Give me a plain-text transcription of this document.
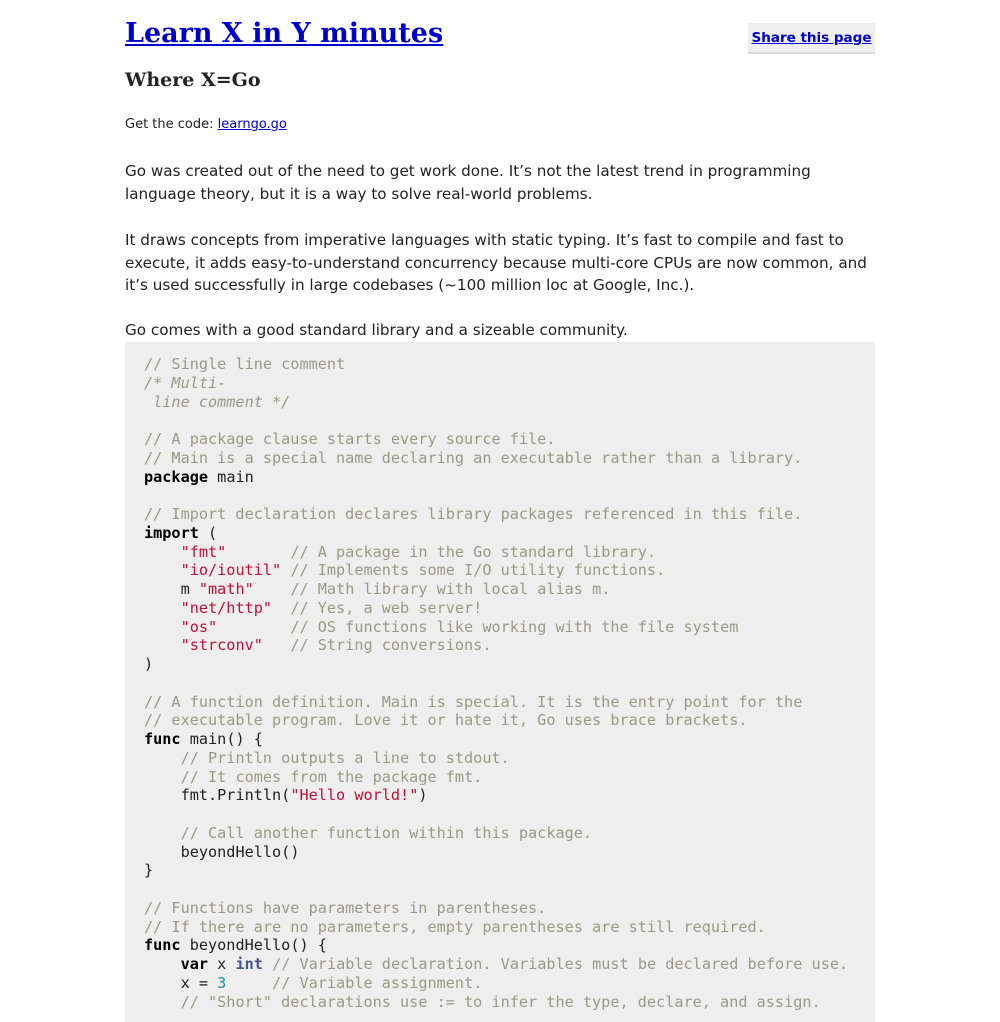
Learn X in Y minutes	Share this page
Where X=Go
Get the code: learngo.go

Go was created out of the need to get work done. It’s not the latest trend in programming language theory, but it is a way to solve real-world problems.

It draws concepts from imperative languages with static typing. It’s fast to compile and fast to execute, it adds easy-to-understand concurrency because multi-core CPUs are now common, and it’s used successfully in large codebases (~100 million loc at Google, Inc.).

Go comes with a good standard library and a sizeable community.

// Single line comment
/* Multi-
line comment */

// A package clause starts every source file.
// Main is a special name declaring an executable rather than a library.
package main

// Import declaration declares library packages referenced in this file.
import (
"fmt"	// A package in the Go standard library.
"io/ioutil" // Implements some I/O utility functions.
m "math" // Math library with local alias m.
"net/http" // Yes, a web server!
"os"	// OS functions like working with the file system
"strconv" // String conversions.
)

// A function definition. Main is special. It is the entry point for the
// executable program. Love it or hate it, Go uses brace brackets.
func main() {
// Println outputs a line to stdout.
// It comes from the package fmt.
fmt.Println("Hello world!")

// Call another function within this package.
beyondHello()
}

// Functions have parameters in parentheses.
// If there are no parameters, empty parentheses are still required.
func beyondHello() {
var x int // Variable declaration. Variables must be declared before use.
x = 3	// Variable assignment.
// "Short" declarations use := to infer the type, declare, and assign.
